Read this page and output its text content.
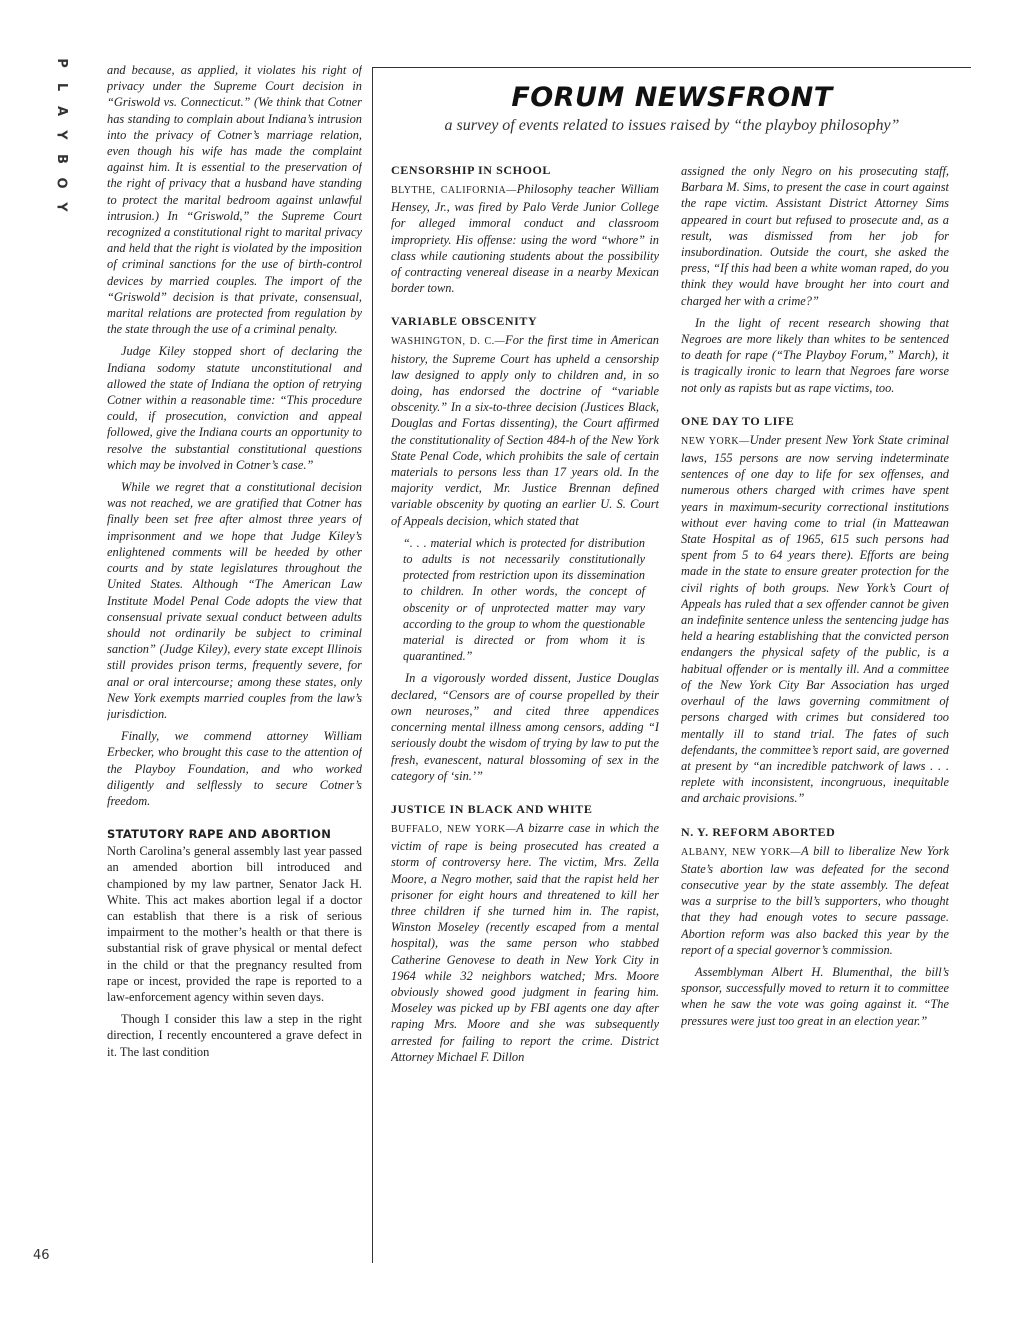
P
L
A
Y
B
O
Y
46

and because, as applied, it violates his right of privacy under the Supreme Court decision in “Griswold vs. Connecticut.” (We think that Cotner has standing to complain about Indiana’s intrusion into the privacy of Cotner’s marriage relation, even though his wife has made the complaint against him. It is essential to the preservation of the right of privacy that a husband have standing to protect the marital bedroom against unlawful intrusion.) In “Griswold,” the Supreme Court recognized a constitutional right to marital privacy and held that the right is violated by the imposition of criminal sanctions for the use of birth-control devices by married couples. The import of the “Griswold” decision is that private, consensual, marital relations are protected from regulation by the state through the use of a criminal penalty.

Judge Kiley stopped short of declaring the Indiana sodomy statute unconstitutional and allowed the state of Indiana the option of retrying Cotner within a reasonable time: “This procedure could, if prosecution, conviction and appeal followed, give the Indiana courts an opportunity to resolve the substantial constitutional questions which may be involved in Cotner’s case.”

While we regret that a constitutional decision was not reached, we are gratified that Cotner has finally been set free after almost three years of imprisonment and we hope that Judge Kiley’s enlightened comments will be heeded by other courts and by state legislatures throughout the United States. Although “The American Law Institute Model Penal Code adopts the view that consensual private sexual conduct between adults should not ordinarily be subject to criminal sanction” (Judge Kiley), every state except Illinois still provides prison terms, frequently severe, for anal or oral intercourse; among these states, only New York exempts married couples from the law’s jurisdiction.

Finally, we commend attorney William Erbecker, who brought this case to the attention of the Playboy Foundation, and who worked diligently and selflessly to secure Cotner’s freedom.

STATUTORY RAPE AND ABORTION

North Carolina’s general assembly last year passed an amended abortion bill introduced and championed by my law partner, Senator Jack H. White. This act makes abortion legal if a doctor can establish that there is a risk of serious impairment to the mother’s health or that there is substantial risk of grave physical or mental defect in the child or that the pregnancy resulted from rape or incest, provided the rape is reported to a law-enforcement agency within seven days.

Though I consider this law a step in the right direction, I recently encountered a grave defect in it. The last condition

FORUM NEWSFRONT
a survey of events related to issues raised by “the playboy philosophy”
CENSORSHIP IN SCHOOL

BLYTHE, CALIFORNIA—Philosophy teacher William Hensey, Jr., was fired by Palo Verde Junior College for alleged immoral conduct and classroom impropriety. His offense: using the word “whore” in class while cautioning students about the possibility of contracting venereal disease in a nearby Mexican border town.

VARIABLE OBSCENITY

WASHINGTON, D. C.—For the first time in American history, the Supreme Court has upheld a censorship law designed to apply only to children and, in so doing, has endorsed the doctrine of “variable obscenity.” In a six-to-three decision (Justices Black, Douglas and Fortas dissenting), the Court affirmed the constitutionality of Section 484-h of the New York State Penal Code, which prohibits the sale of certain materials to persons less than 17 years old. In the majority verdict, Mr. Justice Brennan defined variable obscenity by quoting an earlier U. S. Court of Appeals decision, which stated that

“. . . material which is protected for distribution to adults is not necessarily constitutionally protected from restriction upon its dissemination to children. In other words, the concept of obscenity or of unprotected matter may vary according to the group to whom the questionable material is directed or from whom it is quarantined.”

In a vigorously worded dissent, Justice Douglas declared, “Censors are of course propelled by their own neuroses,” and cited three appendices concerning mental illness among censors, adding “I seriously doubt the wisdom of trying by law to put the fresh, evanescent, natural blossoming of sex in the category of ‘sin.’”

JUSTICE IN BLACK AND WHITE

BUFFALO, NEW YORK—A bizarre case in which the victim of rape is being prosecuted has created a storm of controversy here. The victim, Mrs. Zella Moore, a Negro mother, said that the rapist held her prisoner for eight hours and threatened to kill her three children if she turned him in. The rapist, Winston Moseley (recently escaped from a mental hospital), was the same person who stabbed Catherine Genovese to death in New York City in 1964 while 32 neighbors watched; Mrs. Moore obviously showed good judgment in fearing him. Moseley was picked up by FBI agents one day after raping Mrs. Moore and she was subsequently arrested for failing to report the crime. District Attorney Michael F. Dillon

assigned the only Negro on his prosecuting staff, Barbara M. Sims, to present the case in court against the rape victim. Assistant District Attorney Sims appeared in court but refused to prosecute and, as a result, was dismissed from her job for insubordination. Outside the court, she asked the press, “If this had been a white woman raped, do you think they would have brought her into court and charged her with a crime?”

In the light of recent research showing that Negroes are more likely than whites to be sentenced to death for rape (“The Playboy Forum,” March), it is tragically ironic to learn that Negroes fare worse not only as rapists but as rape victims, too.

ONE DAY TO LIFE

NEW YORK—Under present New York State criminal laws, 155 persons are now serving indeterminate sentences of one day to life for sex offenses, and numerous others charged with crimes have spent years in maximum-security correctional institutions without ever having come to trial (in Matteawan State Hospital as of 1965, 615 such persons had spent from 5 to 64 years there). Efforts are being made in the state to ensure greater protection for the civil rights of both groups. New York’s Court of Appeals has ruled that a sex offender cannot be given an indefinite sentence unless the sentencing judge has held a hearing establishing that the convicted person endangers the physical safety of the public, is a habitual offender or is mentally ill. And a committee of the New York City Bar Association has urged overhaul of the laws governing commitment of persons charged with crimes but considered too mentally ill to stand trial. The fates of such defendants, the committee’s report said, are governed at present by “an incredible patchwork of laws . . . replete with inconsistent, incongruous, inequitable and archaic provisions.”

N. Y. REFORM ABORTED

ALBANY, NEW YORK—A bill to liberalize New York State’s abortion law was defeated for the second consecutive year by the state assembly. The defeat was a surprise to the bill’s supporters, who thought that they had enough votes to secure passage. Abortion reform was also backed this year by the report of a special governor’s commission.

Assemblyman Albert H. Blumenthal, the bill’s sponsor, successfully moved to return it to committee when he saw the vote was going against it. “The pressures were just too great in an election year.”
